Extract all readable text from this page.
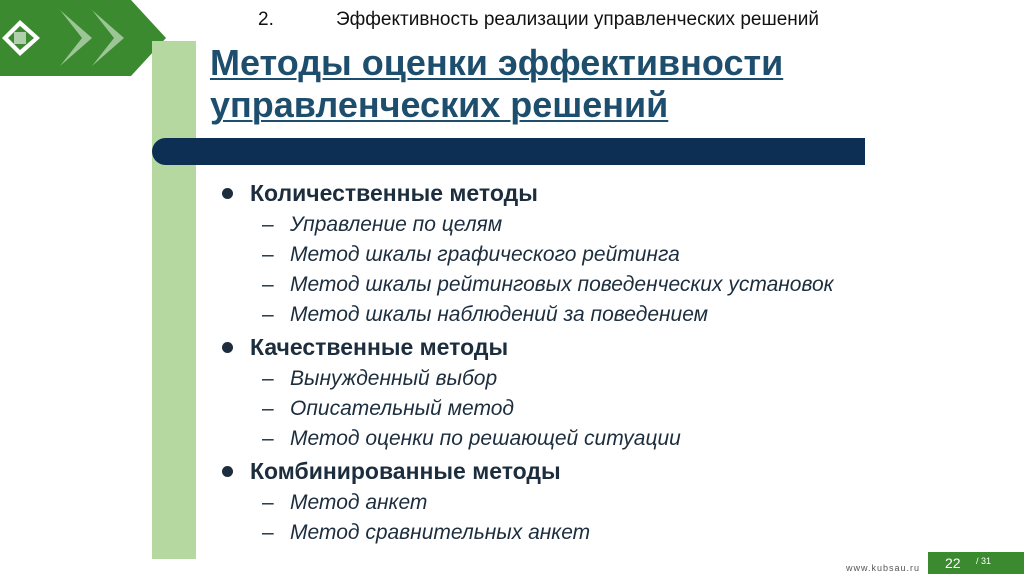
2.	Эффективность реализации управленческих решений
Методы оценки эффективности
управленческих решений
Количественные методы
– Управление по целям
– Метод шкалы графического рейтинга
– Метод шкалы рейтинговых поведенческих установок
– Метод шкалы наблюдений за поведением
Качественные методы
– Вынужденный выбор
– Описательный метод
– Метод оценки по решающей ситуации
Комбинированные методы
– Метод анкет
– Метод сравнительных анкет
www.kubsau.ru 22 / 31
